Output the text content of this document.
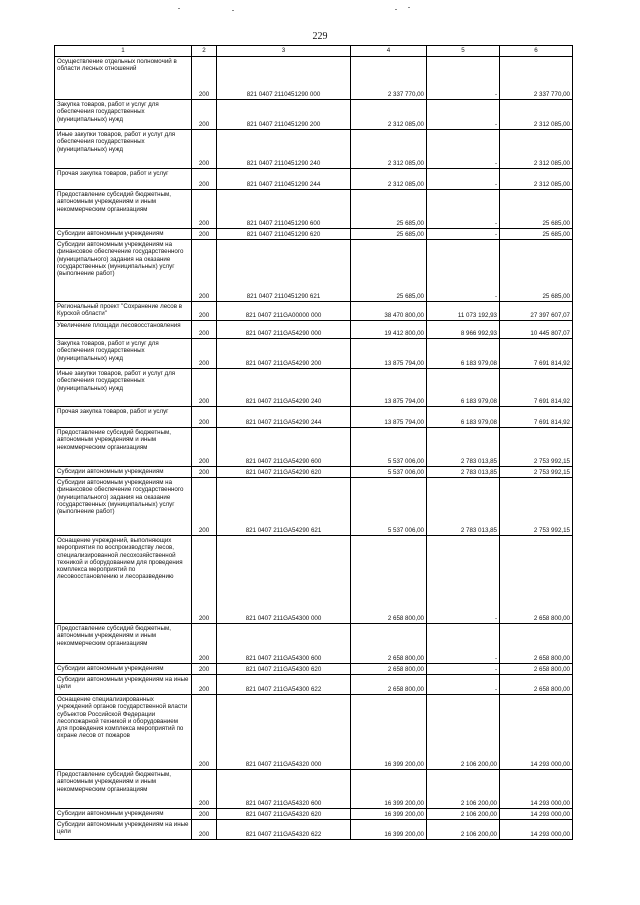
229
1	2	3	4	5	6
Осуществление отдельных полномочий в области лесных отношений	200	821 0407 2110451290 000	2 337 770,00	-	2 337 770,00
Закупка товаров, работ и услуг для обеспечения государственных (муниципальных) нужд	200	821 0407 2110451290 200	2 312 085,00	-	2 312 085,00
Иные закупки товаров, работ и услуг для обеспечения государственных (муниципальных) нужд	200	821 0407 2110451290 240	2 312 085,00	-	2 312 085,00
Прочая закупка товаров, работ и услуг	200	821 0407 2110451290 244	2 312 085,00	-	2 312 085,00
Предоставление субсидий бюджетным, автономным учреждениям и иным некоммерческим организациям	200	821 0407 2110451290 600	25 685,00	-	25 685,00
Субсидии автономным учреждениям	200	821 0407 2110451290 620	25 685,00	-	25 685,00
Субсидии автономным учреждениям на финансовое обеспечение государственного (муниципального) задания на оказание государственных (муниципальных) услуг (выполнение работ)	200	821 0407 2110451290 621	25 685,00	-	25 685,00
Региональный проект "Сохранение лесов в Курской области"	200	821 0407 211GA00000 000	38 470 800,00	11 073 192,93	27 397 607,07
Увеличение площади лесовосстановления	200	821 0407 211GA54290 000	19 412 800,00	8 966 992,93	10 445 807,07
Закупка товаров, работ и услуг для обеспечения государственных (муниципальных) нужд	200	821 0407 211GA54290 200	13 875 794,00	6 183 979,08	7 691 814,92
Иные закупки товаров, работ и услуг для обеспечения государственных (муниципальных) нужд	200	821 0407 211GA54290 240	13 875 794,00	6 183 979,08	7 691 814,92
Прочая закупка товаров, работ и услуг	200	821 0407 211GA54290 244	13 875 794,00	6 183 979,08	7 691 814,92
Предоставление субсидий бюджетным, автономным учреждениям и иным некоммерческим организациям	200	821 0407 211GA54290 600	5 537 006,00	2 783 013,85	2 753 992,15
Субсидии автономным учреждениям	200	821 0407 211GA54290 620	5 537 006,00	2 783 013,85	2 753 992,15
Субсидии автономным учреждениям на финансовое обеспечение государственного (муниципального) задания на оказание государственных (муниципальных) услуг (выполнение работ)	200	821 0407 211GA54290 621	5 537 006,00	2 783 013,85	2 753 992,15
Оснащение учреждений, выполняющих мероприятия по воспроизводству лесов, специализированной лесохозяйственной техникой и оборудованием для проведения комплекса мероприятий по лесовосстановлению и лесоразведению	200	821 0407 211GA54300 000	2 658 800,00	-	2 658 800,00
Предоставление субсидий бюджетным, автономным учреждениям и иным некоммерческим организациям	200	821 0407 211GA54300 600	2 658 800,00	-	2 658 800,00
Субсидии автономным учреждениям	200	821 0407 211GA54300 620	2 658 800,00	-	2 658 800,00
Субсидии автономным учреждениям на иные цели	200	821 0407 211GA54300 622	2 658 800,00	-	2 658 800,00
Оснащение специализированных учреждений органов государственной власти субъектов Российской Федерации лесопожарной техникой и оборудованием для проведения комплекса мероприятий по охране лесов от пожаров	200	821 0407 211GA54320 000	16 399 200,00	2 106 200,00	14 293 000,00
Предоставление субсидий бюджетным, автономным учреждениям и иным некоммерческим организациям	200	821 0407 211GA54320 600	16 399 200,00	2 106 200,00	14 293 000,00
Субсидии автономным учреждениям	200	821 0407 211GA54320 620	16 399 200,00	2 106 200,00	14 293 000,00
Субсидии автономным учреждениям на иные цели	200	821 0407 211GA54320 622	16 399 200,00	2 106 200,00	14 293 000,00
